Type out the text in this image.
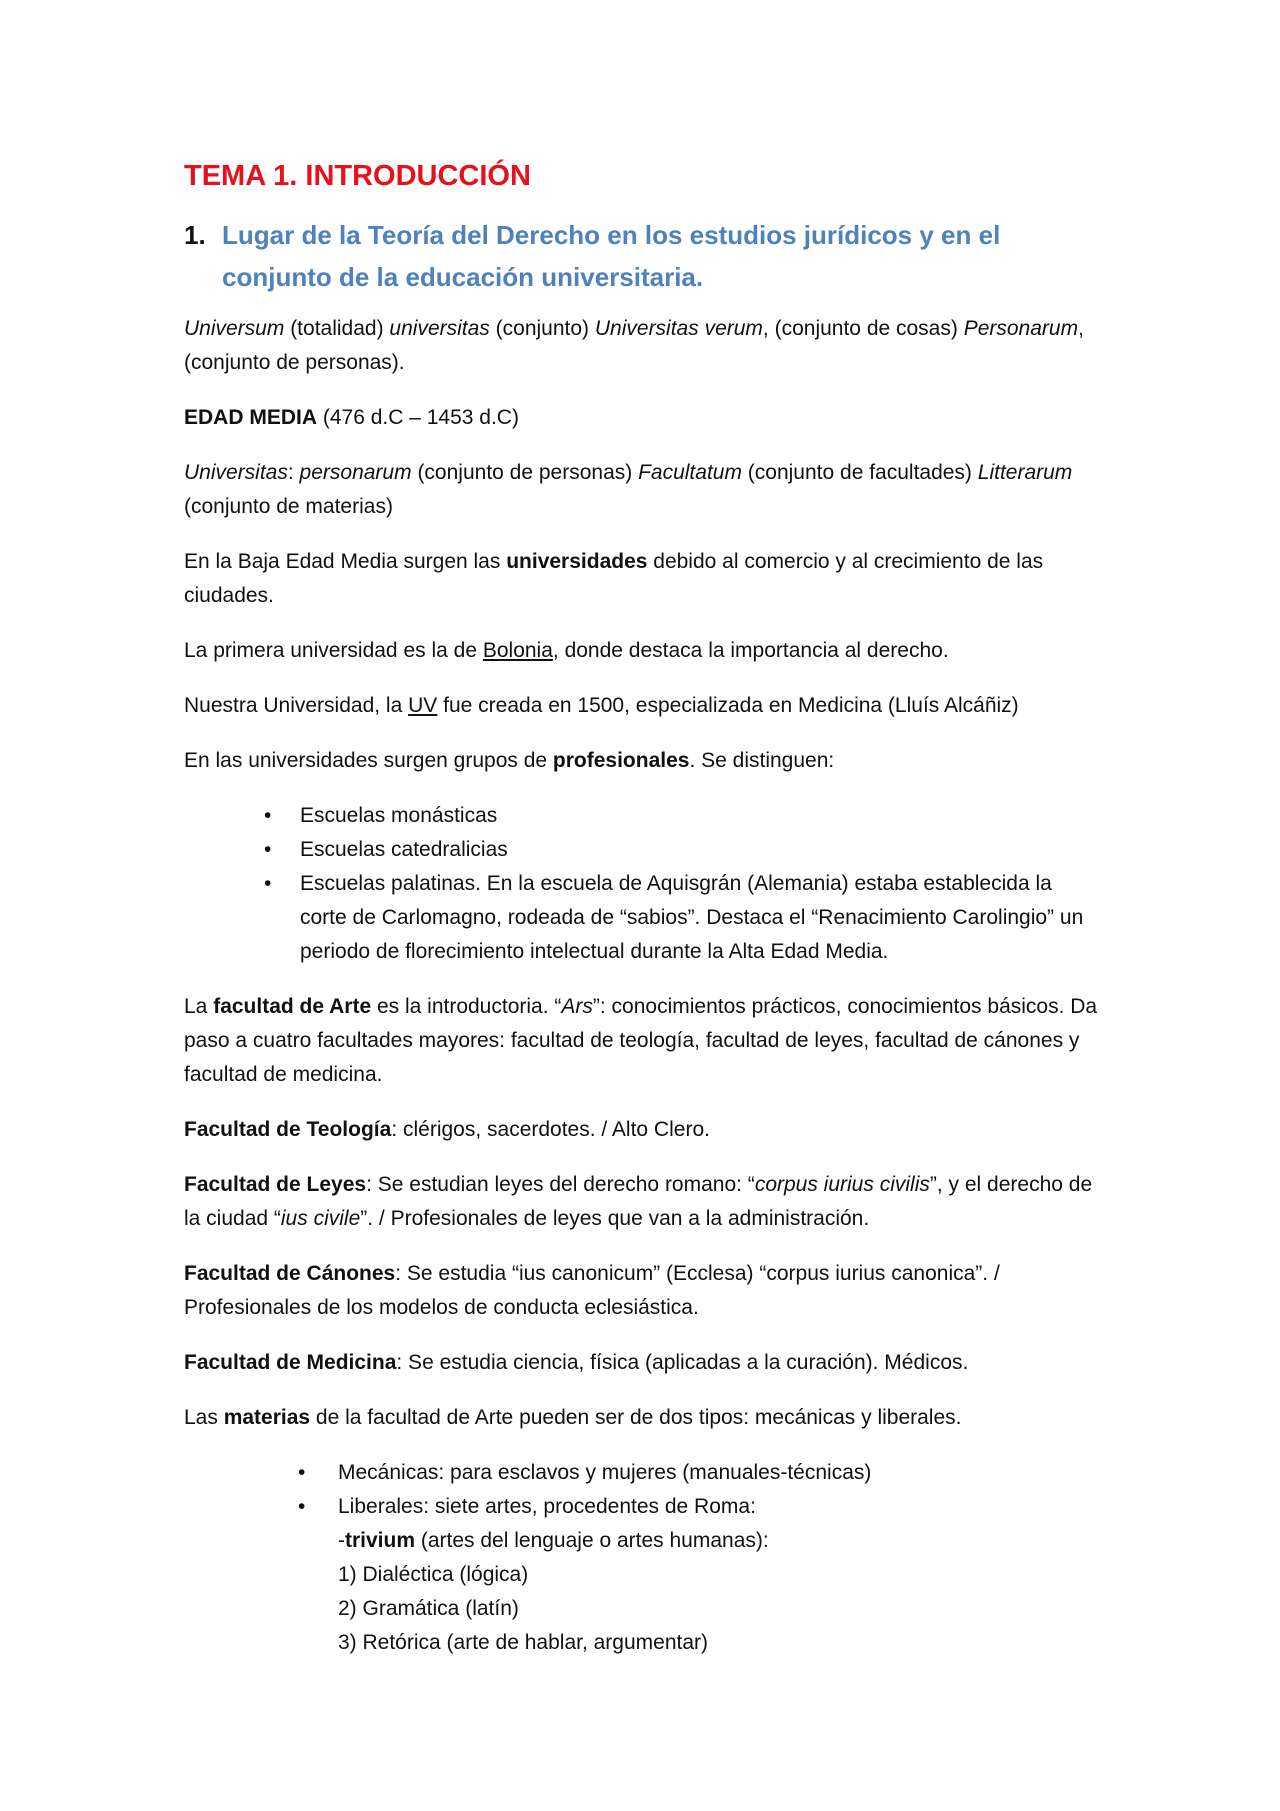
TEMA 1. INTRODUCCIÓN
1. Lugar de la Teoría del Derecho en los estudios jurídicos y en el conjunto de la educación universitaria.

Universum (totalidad) universitas (conjunto) Universitas verum, (conjunto de cosas) Personarum, (conjunto de personas).

EDAD MEDIA (476 d.C – 1453 d.C)

Universitas: personarum (conjunto de personas) Facultatum (conjunto de facultades) Litterarum (conjunto de materias)

En la Baja Edad Media surgen las universidades debido al comercio y al crecimiento de las ciudades.

La primera universidad es la de Bolonia, donde destaca la importancia al derecho.

Nuestra Universidad, la UV fue creada en 1500, especializada en Medicina (Lluís Alcáñiz)

En las universidades surgen grupos de profesionales. Se distinguen:

• Escuelas monásticas
• Escuelas catedralicias
• Escuelas palatinas. En la escuela de Aquisgrán (Alemania) estaba establecida la corte de Carlomagno, rodeada de “sabios”. Destaca el “Renacimiento Carolingio” un periodo de florecimiento intelectual durante la Alta Edad Media.

La facultad de Arte es la introductoria. “Ars”: conocimientos prácticos, conocimientos básicos. Da paso a cuatro facultades mayores: facultad de teología, facultad de leyes, facultad de cánones y facultad de medicina.

Facultad de Teología: clérigos, sacerdotes. / Alto Clero.

Facultad de Leyes: Se estudian leyes del derecho romano: “corpus iurius civilis”, y el derecho de la ciudad “ius civile”. / Profesionales de leyes que van a la administración.

Facultad de Cánones: Se estudia “ius canonicum” (Ecclesa) “corpus iurius canonica”. / Profesionales de los modelos de conducta eclesiástica.

Facultad de Medicina: Se estudia ciencia, física (aplicadas a la curación). Médicos.

Las materias de la facultad de Arte pueden ser de dos tipos: mecánicas y liberales.

• Mecánicas: para esclavos y mujeres (manuales-técnicas)
• Liberales: siete artes, procedentes de Roma:
-trivium (artes del lenguaje o artes humanas):
1) Dialéctica (lógica)
2) Gramática (latín)
3) Retórica (arte de hablar, argumentar)
